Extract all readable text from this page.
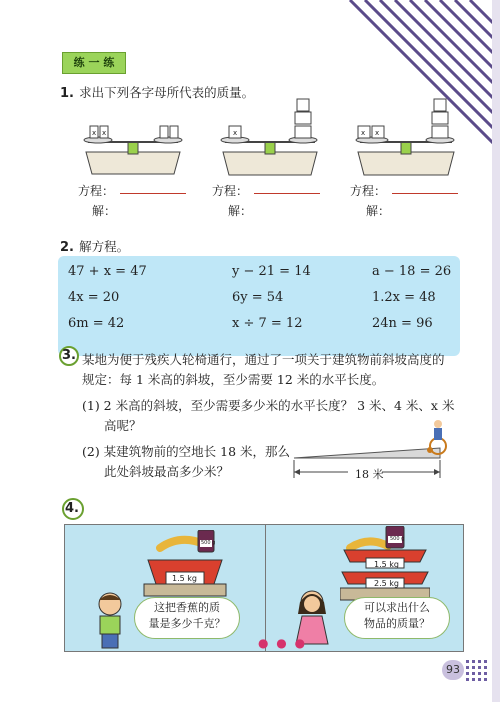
练 一 练
1. 求出下列各字母所代表的质量。
x x	x	x x
方程：
解：
方程：
解：
方程：
解：
2. 解方程。
47 + x = 47	y − 21 = 14	a − 18 = 26
4x = 20	6y = 54	1.2x = 48
6m = 42	x ÷ 7 = 12	24n = 96
3. 某地为便于残疾人轮椅通行，通过了一项关于建筑物前斜坡高度的
规定：每 1 米高的斜坡，至少需要 12 米的水平长度。
(1) 2 米高的斜坡，至少需要多少米的水平长度？ 3 米、4 米、x 米
高呢？
(2) 某建筑物前的空地长 18 米，那么
此处斜坡最高多少米？	18 米
4.
500 g
1.5 kg
这把香蕉的质
量是多少千克？
500 g
1.5 kg
2.5 kg
可以求出什么
物品的质量？
● ● ●
93
